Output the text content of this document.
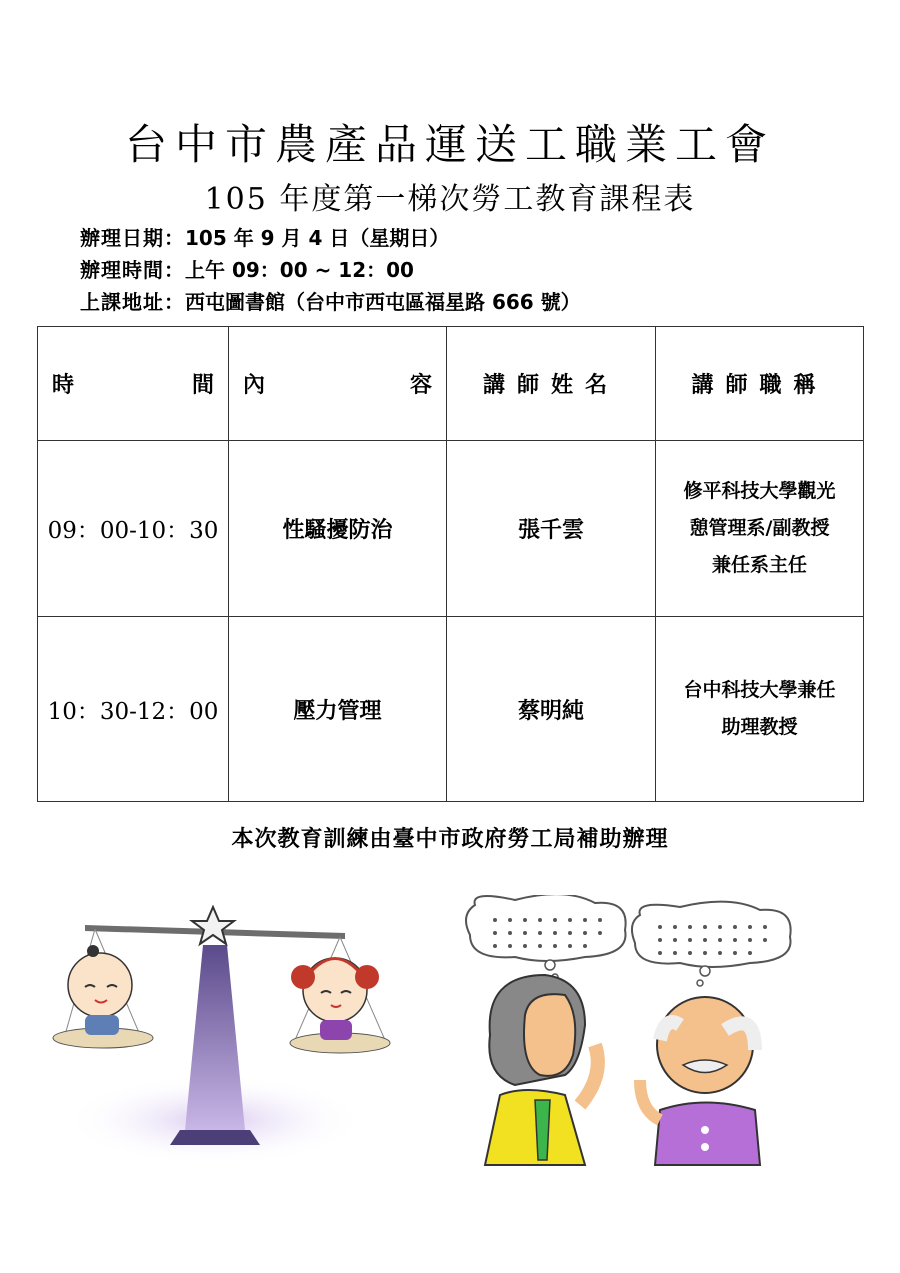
台中市農產品運送工職業工會
105 年度第一梯次勞工教育課程表
辦理日期：105 年 9 月 4 日（星期日）
辦理時間：上午 09：00 ~ 12：00
上課地址：西屯圖書館（台中市西屯區福星路 666 號）
時 間	內 容	講師姓名	講師職稱
09：00-10：30	性騷擾防治	張千雲	修平科技大學觀光
憩管理系/副教授
兼任系主任

10：30-12：00	壓力管理	蔡明純	台中科技大學兼任
助理教授
本次教育訓練由臺中市政府勞工局補助辦理
